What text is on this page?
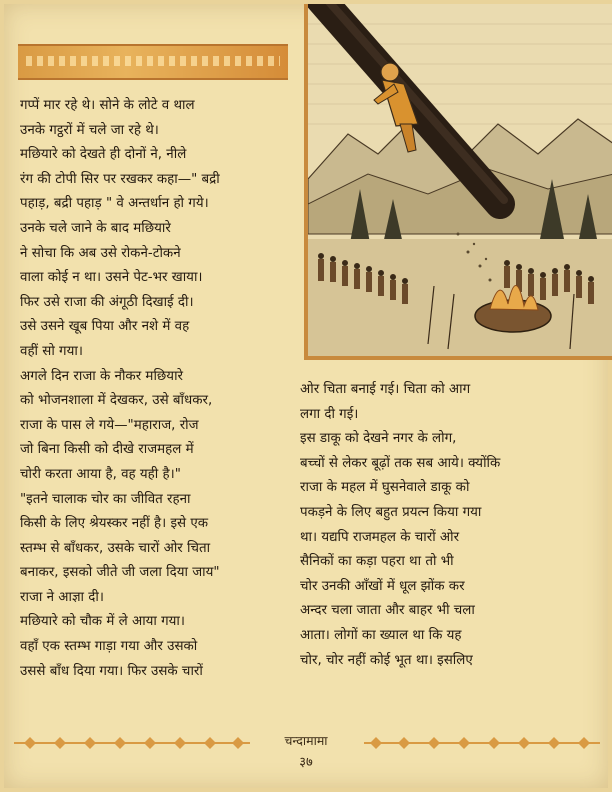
गप्पें मार रहे थे। सोने के लोटे व थाल

उनके गट्ठरों में चले जा रहे थे।

मछियारे को देखते ही दोनों ने, नीले

रंग की टोपी सिर पर रखकर कहा—" बद्री

पहाड़, बद्री पहाड़ " वे अन्तर्धान हो गये।

उनके चले जाने के बाद मछियारे

ने सोचा कि अब उसे रोकने-टोकने

वाला कोई न था। उसने पेट-भर खाया।

फिर उसे राजा की अंगूठी दिखाई दी।

उसे उसने खूब पिया और नशे में वह

वहीं सो गया।

अगले दिन राजा के नौकर मछियारे

को भोजनशाला में देखकर, उसे बाँधकर,

राजा के पास ले गये—"महाराज, रोज

जो बिना किसी को दीखे राजमहल में

चोरी करता आया है, वह यही है।"

"इतने चालाक चोर का जीवित रहना

किसी के लिए श्रेयस्कर नहीं है। इसे एक

स्तम्भ से बाँधकर, उसके चारों ओर चिता

बनाकर, इसको जीते जी जला दिया जाय"

राजा ने आज्ञा दी।

मछियारे को चौक में ले आया गया।

वहाँ एक स्तम्भ गाड़ा गया और उसको

उससे बाँध दिया गया। फिर उसके चारों

ओर चिता बनाई गई। चिता को आग

लगा दी गई।

इस डाकू को देखने नगर के लोग,

बच्चों से लेकर बूढ़ों तक सब आये। क्योंकि

राजा के महल में घुसनेवाले डाकू को

पकड़ने के लिए बहुत प्रयत्न किया गया

था। यद्यपि राजमहल के चारों ओर

सैनिकों का कड़ा पहरा था तो भी

चोर उनकी आँखों में धूल झोंक कर

अन्दर चला जाता और बाहर भी चला

आता। लोगों का ख्याल था कि यह

चोर, चोर नहीं कोई भूत था। इसलिए

चन्दामामा
३७
